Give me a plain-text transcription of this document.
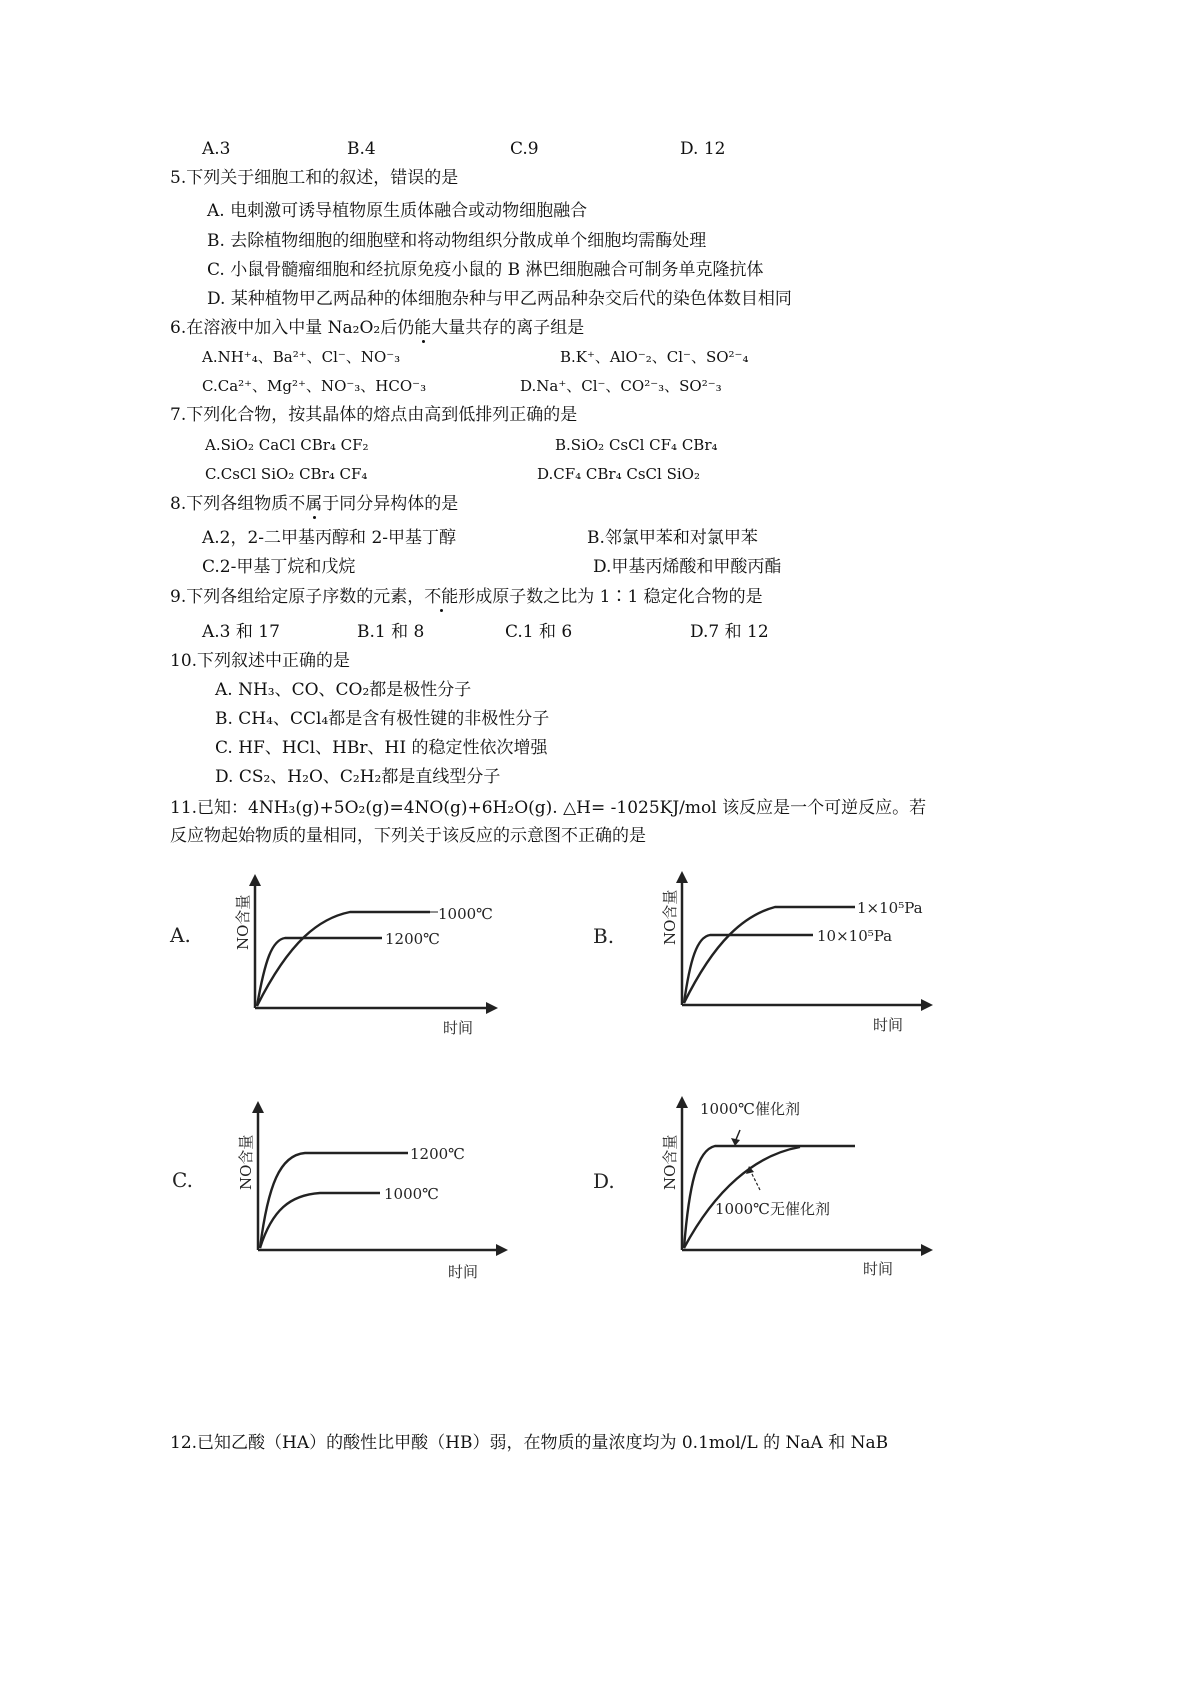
A.3	B.4	C.9	D. 12
5.下列关于细胞工和的叙述，错误的是
A. 电刺激可诱导植物原生质体融合或动物细胞融合
B. 去除植物细胞的细胞壁和将动物组织分散成单个细胞均需酶处理
C. 小鼠骨髓瘤细胞和经抗原免疫小鼠的 B 淋巴细胞融合可制务单克隆抗体
D. 某种植物甲乙两品种的体细胞杂种与甲乙两品种杂交后代的染色体数目相同
6.在溶液中加入中量 Na₂O₂后仍能大量共存的离子组是
A.NH⁺₄、Ba²⁺、Cl⁻、NO⁻₃	B.K⁺、AlO⁻₂、Cl⁻、SO²⁻₄
C.Ca²⁺、Mg²⁺、NO⁻₃、HCO⁻₃	D.Na⁺、Cl⁻、CO²⁻₃、SO²⁻₃
7.下列化合物，按其晶体的熔点由高到低排列正确的是
A.SiO₂ CaCl CBr₄ CF₂	B.SiO₂ CsCl CF₄ CBr₄
C.CsCl SiO₂ CBr₄ CF₄	D.CF₄ CBr₄ CsCl SiO₂
8.下列各组物质不属于同分异构体的是
A.2，2-二甲基丙醇和 2-甲基丁醇	B.邻氯甲苯和对氯甲苯
C.2-甲基丁烷和戊烷	D.甲基丙烯酸和甲酸丙酯
9.下列各组给定原子序数的元素，不能形成原子数之比为 1∶1 稳定化合物的是
A.3 和 17	B.1 和 8	C.1 和 6	D.7 和 12
10.下列叙述中正确的是
A. NH₃、CO、CO₂都是极性分子
B. CH₄、CCl₄都是含有极性键的非极性分子
C. HF、HCl、HBr、HI 的稳定性依次增强
D. CS₂、H₂O、C₂H₂都是直线型分子
11.已知：4NH₃(g)+5O₂(g)=4NO(g)+6H₂O(g). △H= -1025KJ/mol 该反应是一个可逆反应。若
反应物起始物质的量相同，下列关于该反应的示意图不正确的是
A.	NO含量
时间
1000℃
1200℃	B.	NO含量
时间
1×10⁵Pa
10×10⁵Pa
C.	NO含量
时间
1200℃
1000℃
D.	NO含量
时间
1000℃催化剂
1000℃无催化剂
12.已知乙酸（HA）的酸性比甲酸（HB）弱，在物质的量浓度均为 0.1mol/L 的 NaA 和 NaB
